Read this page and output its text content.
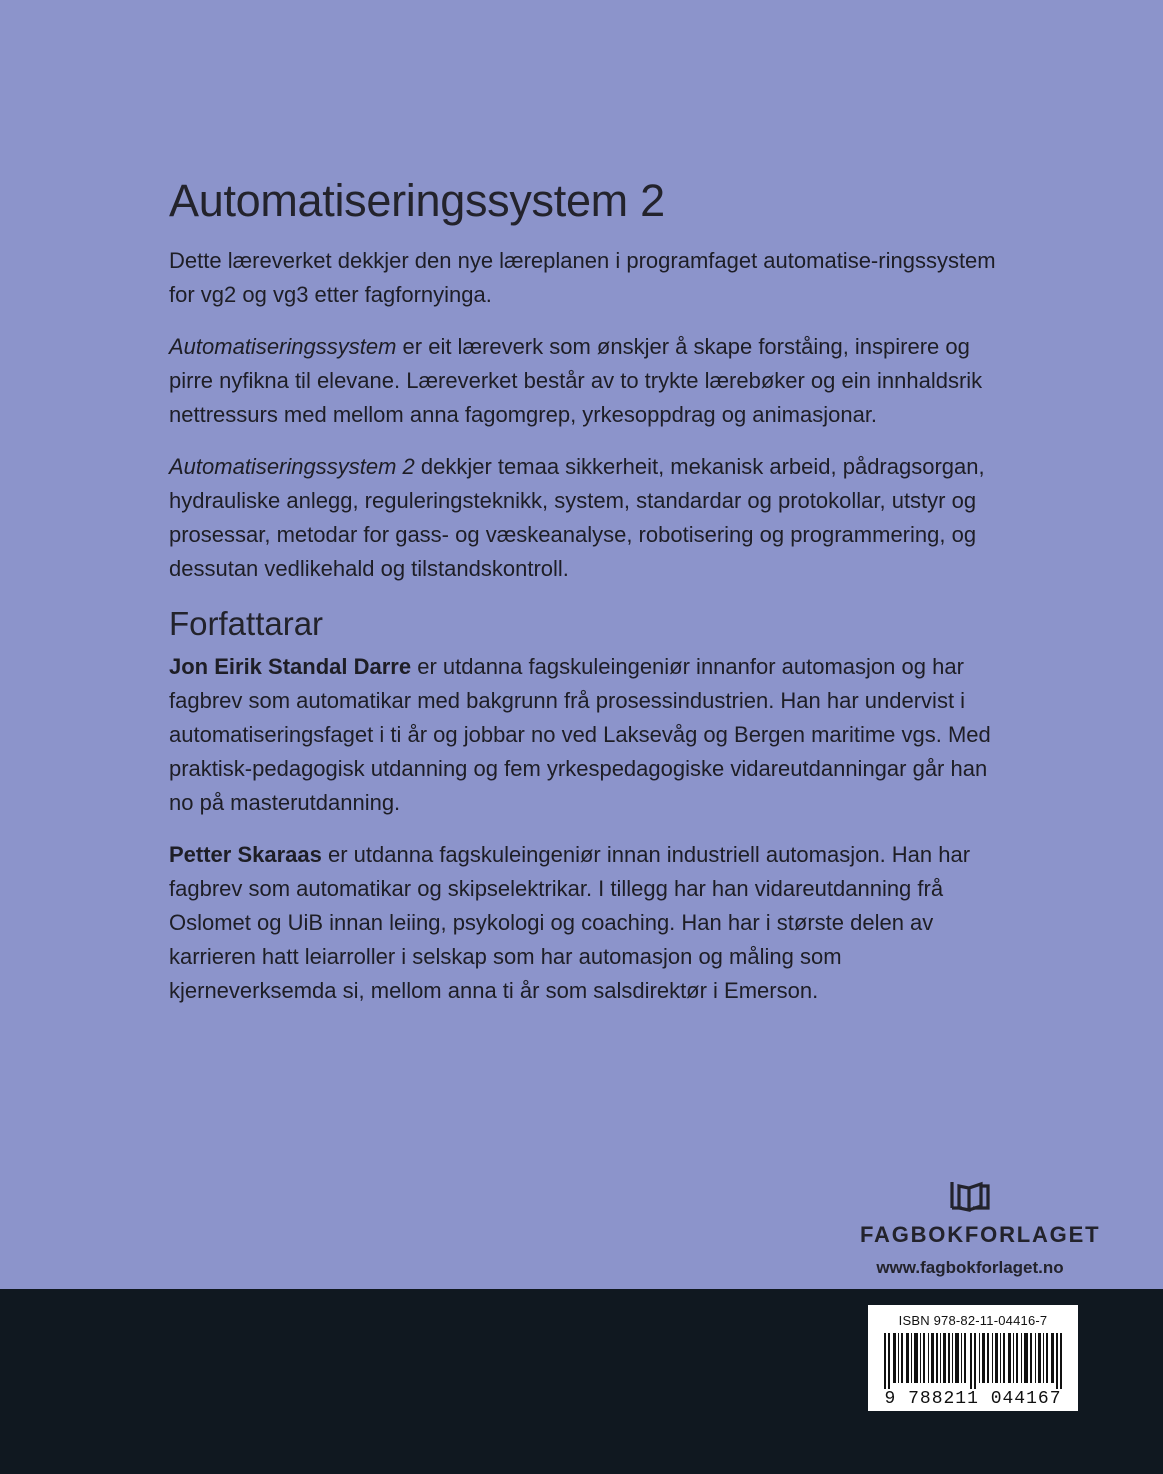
Automatiseringssystem 2

Dette læreverket dekkjer den nye læreplanen i programfaget automatise-ringssystem for vg2 og vg3 etter fagfornyinga.

Automatiseringssystem er eit læreverk som ønskjer å skape forståing, inspirere og pirre nyfikna til elevane. Læreverket består av to trykte lærebøker og ein innhaldsrik nettressurs med mellom anna fagomgrep, yrkesoppdrag og animasjonar.

Automatiseringssystem 2 dekkjer temaa sikkerheit, mekanisk arbeid, pådragsorgan, hydrauliske anlegg, reguleringsteknikk, system, standardar og protokollar, utstyr og prosessar, metodar for gass- og væskeanalyse, robotisering og programmering, og dessutan vedlikehald og tilstandskontroll.

Forfattarar

Jon Eirik Standal Darre er utdanna fagskuleingeniør innanfor automasjon og har fagbrev som automatikar med bakgrunn frå prosessindustrien. Han har undervist i automatiseringsfaget i ti år og jobbar no ved Laksevåg og Bergen maritime vgs. Med praktisk-pedagogisk utdanning og fem yrkespedagogiske vidareutdanningar går han no på masterutdanning.

Petter Skaraas er utdanna fagskuleingeniør innan industriell automasjon. Han har fagbrev som automatikar og skipselektrikar. I tillegg har han vidareutdanning frå Oslomet og UiB innan leiing, psykologi og coaching. Han har i største delen av karrieren hatt leiarroller i selskap som har automasjon og måling som kjerneverksemda si, mellom anna ti år som salsdirektør i Emerson.

FAGBOKFORLAGET
www.fagbokforlaget.no
ISBN 978-82-11-04416-7
9 788211 044167
